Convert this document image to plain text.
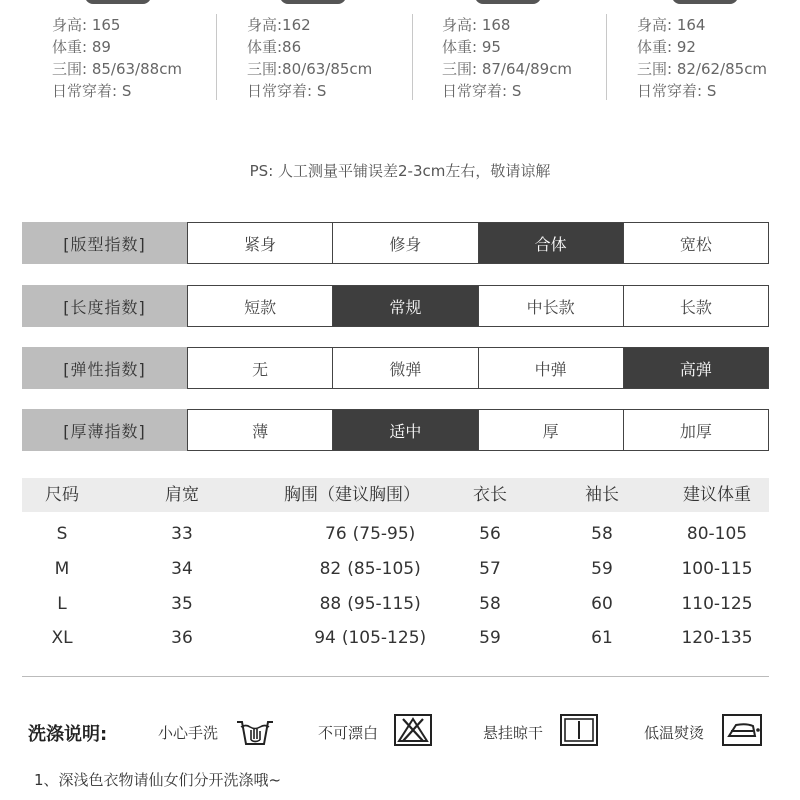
身高: 165
体重: 89
三围: 85/63/88cm
日常穿着: S
身高:162
体重:86
三围:80/63/85cm
日常穿着: S
身高: 168
体重: 95
三围: 87/64/89cm
日常穿着: S
身高: 164
体重: 92
三围: 82/62/85cm
日常穿着: S
PS: 人工测量平铺误差2-3cm左右，敬请谅解
[版型指数]	紧身	修身	合体	宽松
[长度指数]	短款	常规	中长款	长款
[弹性指数]	无	微弹	中弹	高弹
[厚薄指数]	薄	适中	厚	加厚
尺码	肩宽	胸围（建议胸围）	衣长	袖长	建议体重
S	33	76 (75-95)	56	58	80-105
M	34	82 (85-105)	57	59	100-115
L	35	88 (95-115)	58	60	110-125
XL	36	94 (105-125)	59	61	120-135
洗涤说明:	小心手洗	不可漂白	悬挂晾干	低温熨烫
1、深浅色衣物请仙女们分开洗涤哦~
